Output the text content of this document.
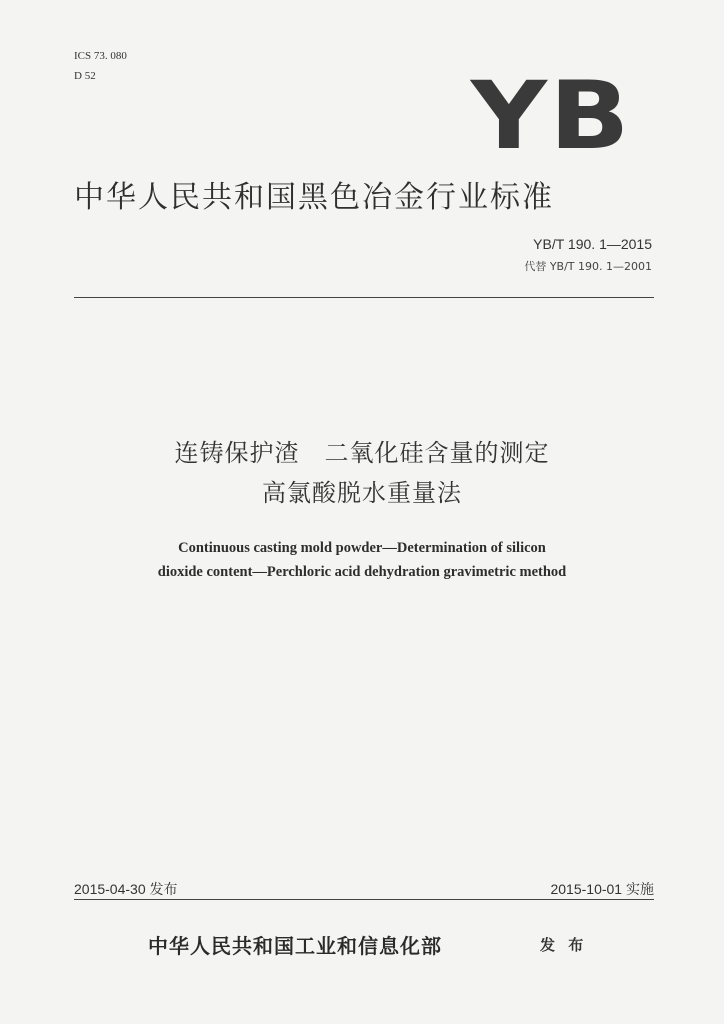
ICS 73. 080
D 52	YB
中华人民共和国黑色冶金行业标准
YB/T 190. 1—2015
代替 YB/T 190. 1—2001
连铸保护渣　二氧化硅含量的测定
高氯酸脱水重量法
Continuous casting mold powder—Determination of silicon
dioxide content—Perchloric acid dehydration gravimetric method
2015-04-30 发布	2015-10-01 实施
中华人民共和国工业和信息化部	发 布
